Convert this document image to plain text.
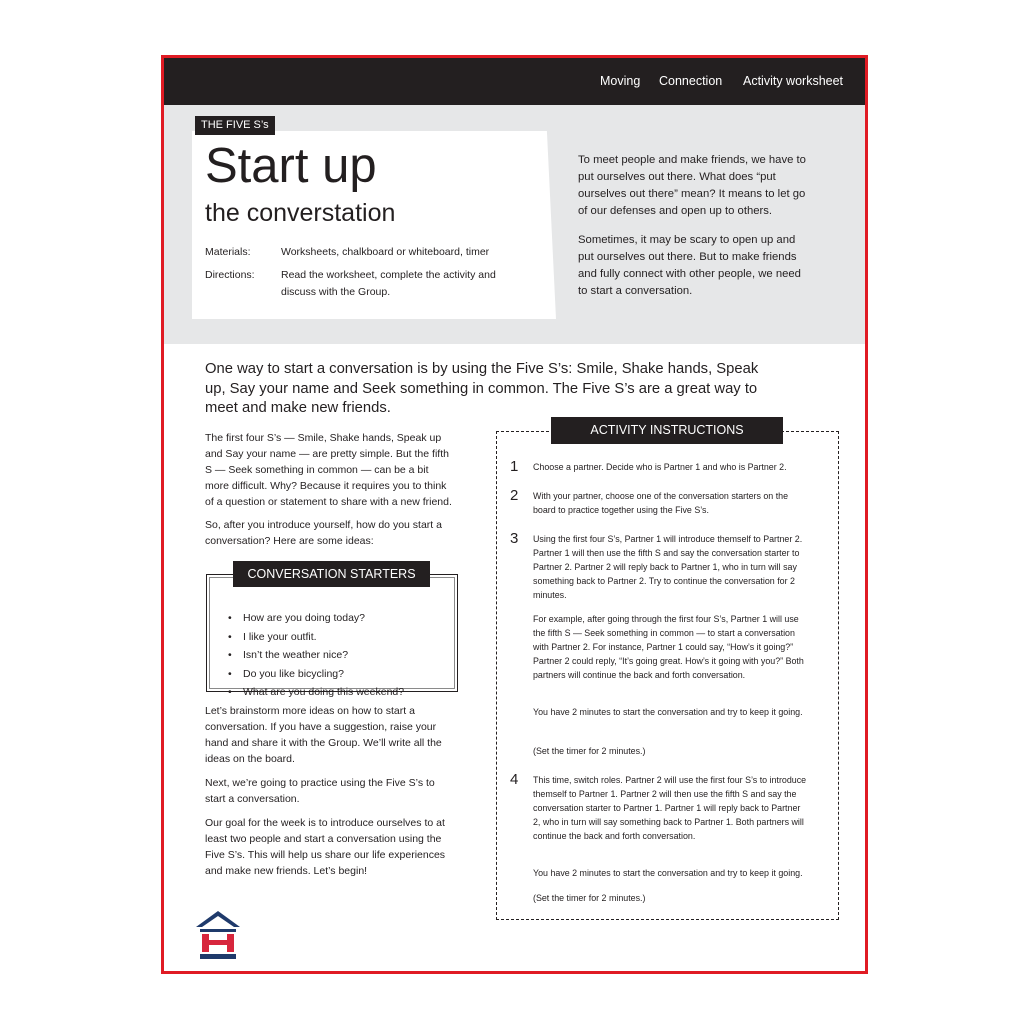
Moving Connection Activity worksheet
THE FIVE S’s
Start up
the converstation
Materials:	Worksheets, chalkboard or whiteboard, timer
Directions:	Read the worksheet, complete the activity and discuss with the Group.
To meet people and make friends, we have to put ourselves out there. What does “put ourselves out there” mean? It means to let go of our defenses and open up to others.
Sometimes, it may be scary to open up and put ourselves out there. But to make friends and fully connect with other people, we need to start a conversation.
One way to start a conversation is by using the Five S’s: Smile, Shake hands, Speak up, Say your name and Seek something in common. The Five S’s are a great way to meet and make new friends.

The first four S’s — Smile, Shake hands, Speak up and Say your name — are pretty simple. But the fifth S — Seek something in common — can be a bit more difficult. Why? Because it requires you to think of a question or statement to share with a new friend.

So, after you introduce yourself, how do you start a conversation? Here are some ideas:

• How are you doing today?
• I like your outfit.
• Isn’t the weather nice?
• Do you like bicycling?
• What are you doing this weekend?
CONVERSATION STARTERS

Let’s brainstorm more ideas on how to start a conversation. If you have a suggestion, raise your hand and share it with the Group. We’ll write all the ideas on the board.

Next, we’re going to practice using the Five S’s to start a conversation.

Our goal for the week is to introduce ourselves to at least two people and start a conversation using the Five S’s. This will help us share our life experiences and make new friends. Let’s begin!

ACTIVITY INSTRUCTIONS
1 Choose a partner. Decide who is Partner 1 and who is Partner 2.

2 With your partner, choose one of the conversation starters on the board to practice together using the Five S’s.

3 Using the first four S’s, Partner 1 will introduce themself to Partner 2. Partner 1 will then use the fifth S and say the conversation starter to Partner 2. Partner 2 will reply back to Partner 1, who in turn will say something back to Partner 2. Try to continue the conversation for 2 minutes.

For example, after going through the first four S’s, Partner 1 will use the fifth S — Seek something in common — to start a conversation with Partner 2. For instance, Partner 1 could say, “How’s it going?” Partner 2 could reply, “It’s going great. How’s it going with you?” Both partners will continue the back and forth conversation.

You have 2 minutes to start the conversation and try to keep it going.

(Set the timer for 2 minutes.)

4 This time, switch roles. Partner 2 will use the first four S’s to introduce themself to Partner 1. Partner 2 will then use the fifth S and say the conversation starter to Partner 1. Partner 1 will reply back to Partner 2, who in turn will say something back to Partner 1. Both partners will continue the back and forth conversation.

You have 2 minutes to start the conversation and try to keep it going.

(Set the timer for 2 minutes.)
